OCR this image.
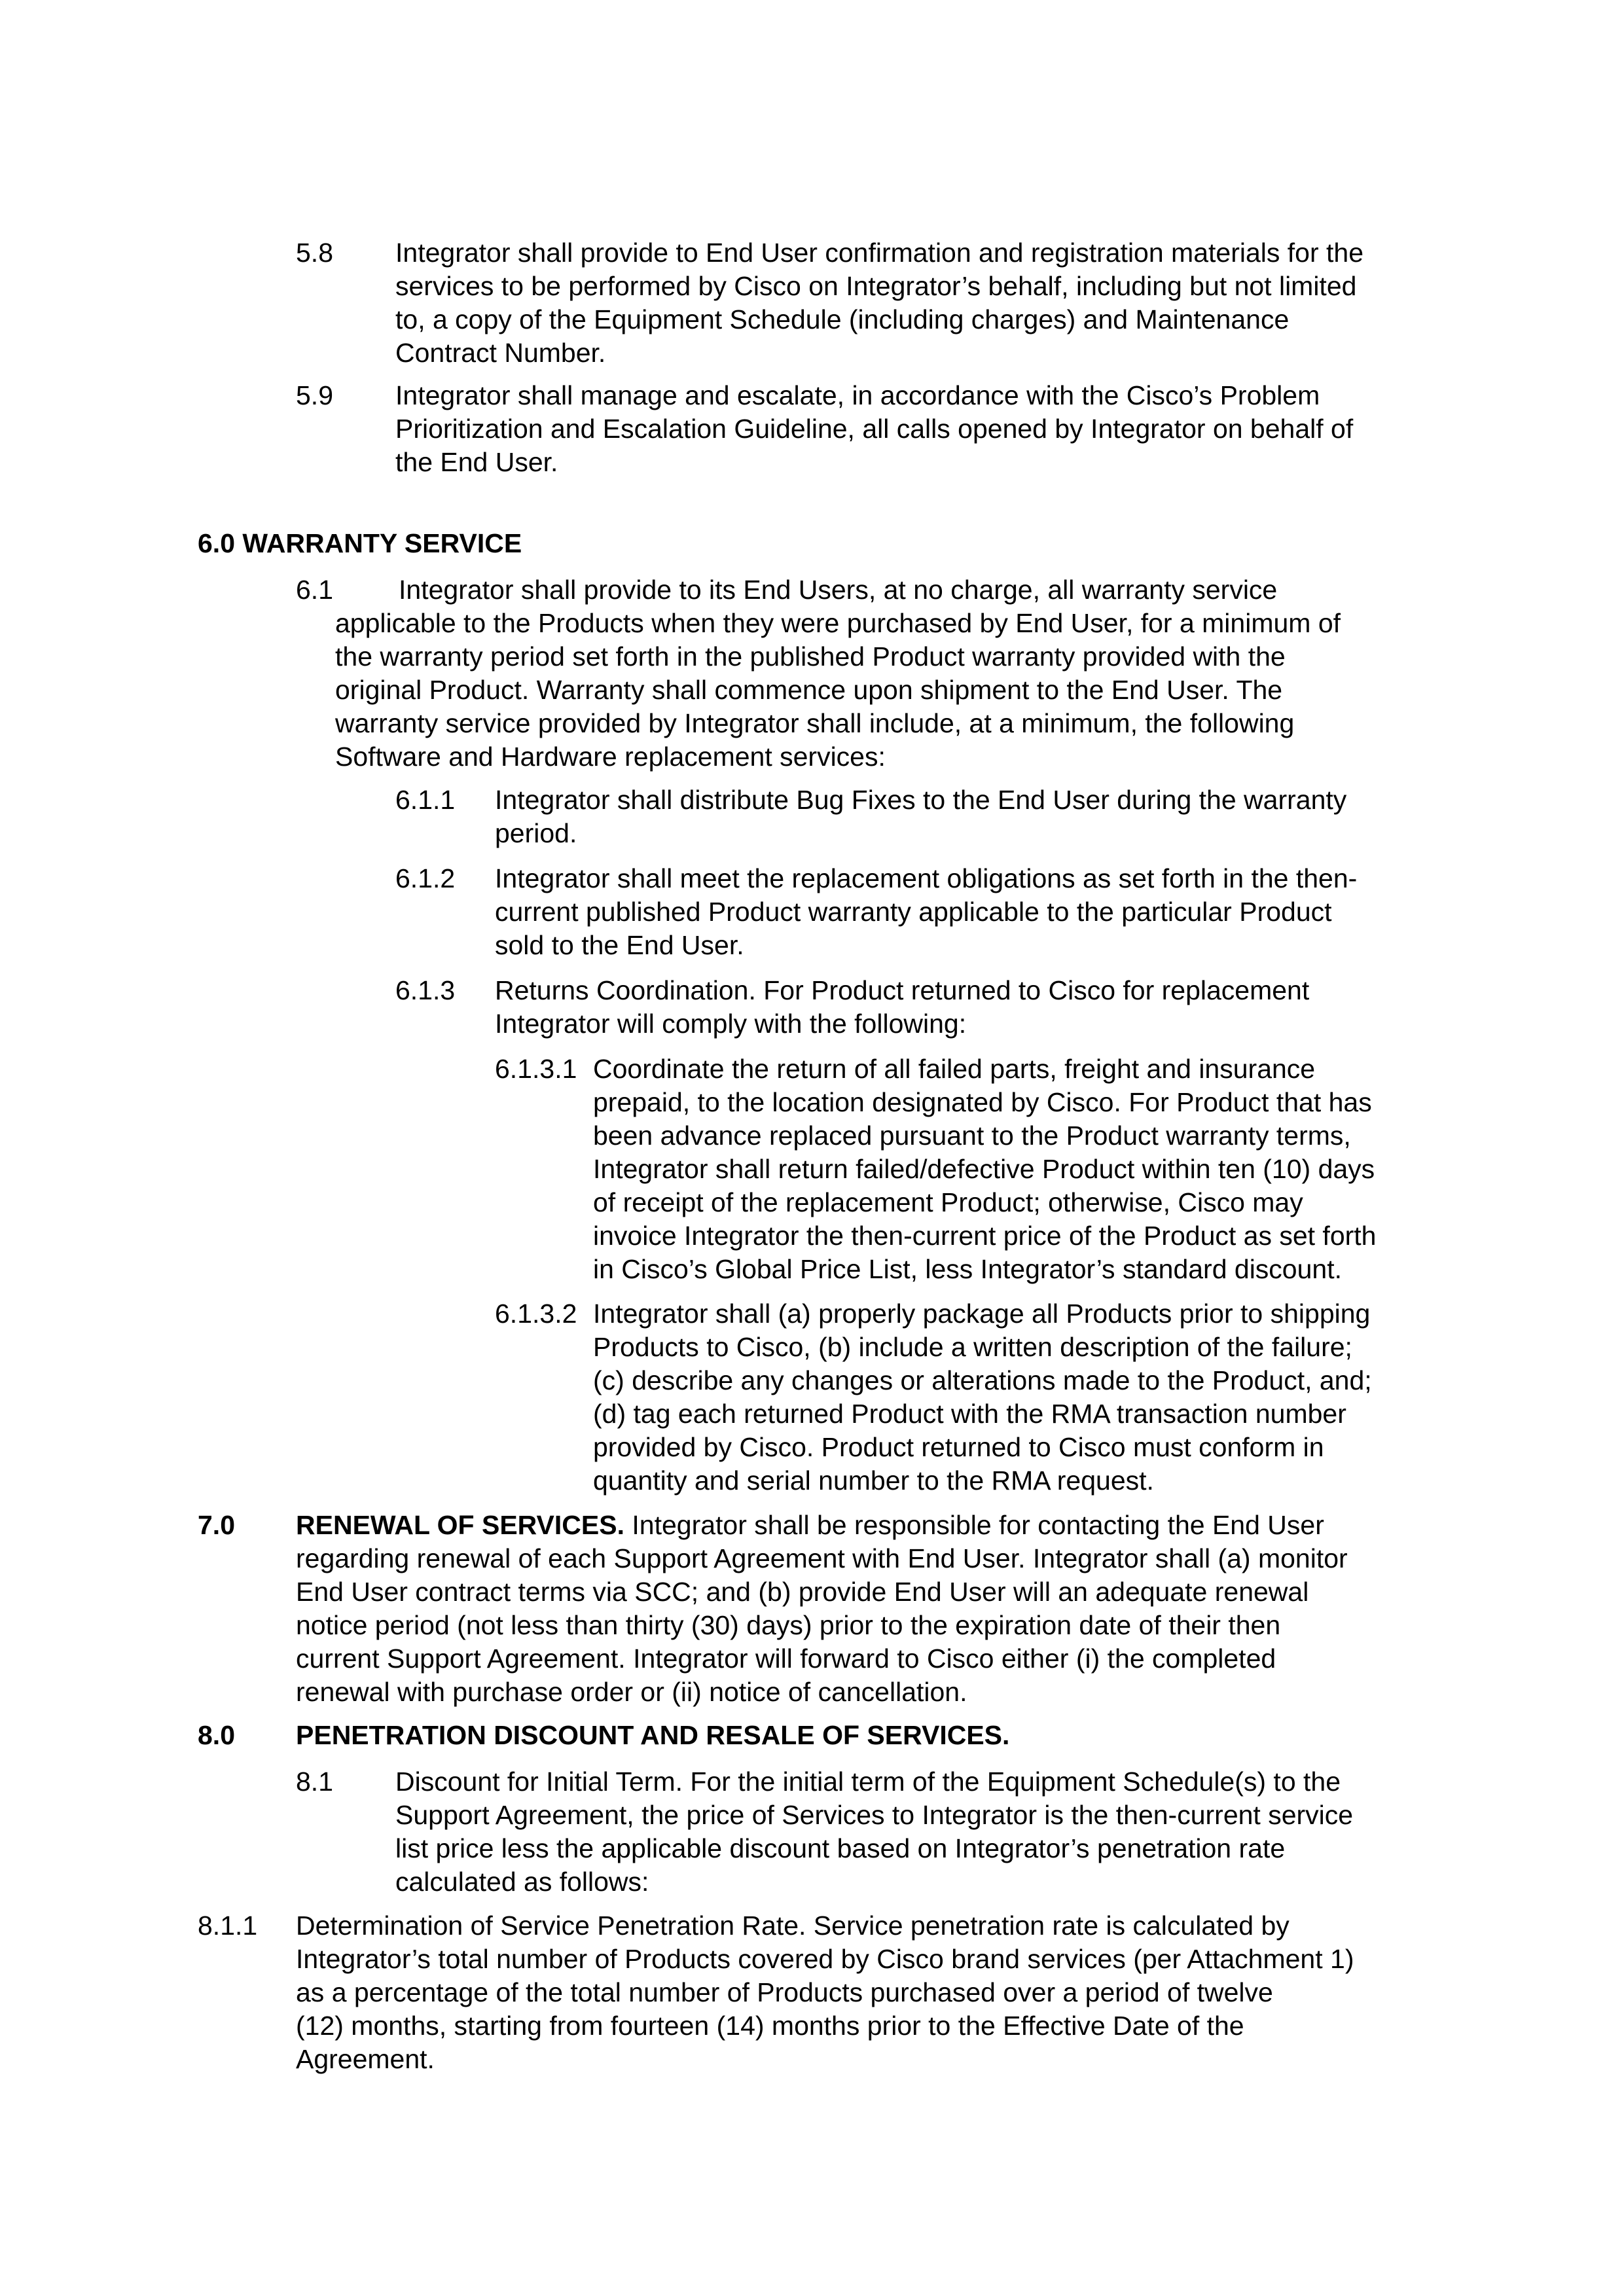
5.8 Integrator shall provide to End User confirmation and registration materials for the
services to be performed by Cisco on Integrator’s behalf, including but not limited
to, a copy of the Equipment Schedule (including charges) and Maintenance
Contract Number.
5.9 Integrator shall manage and escalate, in accordance with the Cisco’s Problem
Prioritization and Escalation Guideline, all calls opened by Integrator on behalf of
the End User.
6.0 WARRANTY SERVICE
6.1 Integrator shall provide to its End Users, at no charge, all warranty service
applicable to the Products when they were purchased by End User, for a minimum of
the warranty period set forth in the published Product warranty provided with the
original Product. Warranty shall commence upon shipment to the End User. The
warranty service provided by Integrator shall include, at a minimum, the following
Software and Hardware replacement services:
6.1.1 Integrator shall distribute Bug Fixes to the End User during the warranty
period.
6.1.2 Integrator shall meet the replacement obligations as set forth in the then-
current published Product warranty applicable to the particular Product
sold to the End User.
6.1.3 Returns Coordination. For Product returned to Cisco for replacement
Integrator will comply with the following:
6.1.3.1 Coordinate the return of all failed parts, freight and insurance
prepaid, to the location designated by Cisco. For Product that has
been advance replaced pursuant to the Product warranty terms,
Integrator shall return failed/defective Product within ten (10) days
of receipt of the replacement Product; otherwise, Cisco may
invoice Integrator the then-current price of the Product as set forth
in Cisco’s Global Price List, less Integrator’s standard discount.
6.1.3.2 Integrator shall (a) properly package all Products prior to shipping
Products to Cisco, (b) include a written description of the failure;
(c) describe any changes or alterations made to the Product, and;
(d) tag each returned Product with the RMA transaction number
provided by Cisco. Product returned to Cisco must conform in
quantity and serial number to the RMA request.
7.0 RENEWAL OF SERVICES. Integrator shall be responsible for contacting the End User
regarding renewal of each Support Agreement with End User. Integrator shall (a) monitor
End User contract terms via SCC; and (b) provide End User will an adequate renewal
notice period (not less than thirty (30) days) prior to the expiration date of their then
current Support Agreement. Integrator will forward to Cisco either (i) the completed
renewal with purchase order or (ii) notice of cancellation.
8.0 PENETRATION DISCOUNT AND RESALE OF SERVICES.
8.1 Discount for Initial Term. For the initial term of the Equipment Schedule(s) to the
Support Agreement, the price of Services to Integrator is the then-current service
list price less the applicable discount based on Integrator’s penetration rate
calculated as follows:
8.1.1 Determination of Service Penetration Rate. Service penetration rate is calculated by
Integrator’s total number of Products covered by Cisco brand services (per Attachment 1)
as a percentage of the total number of Products purchased over a period of twelve
(12) months, starting from fourteen (14) months prior to the Effective Date of the
Agreement.
